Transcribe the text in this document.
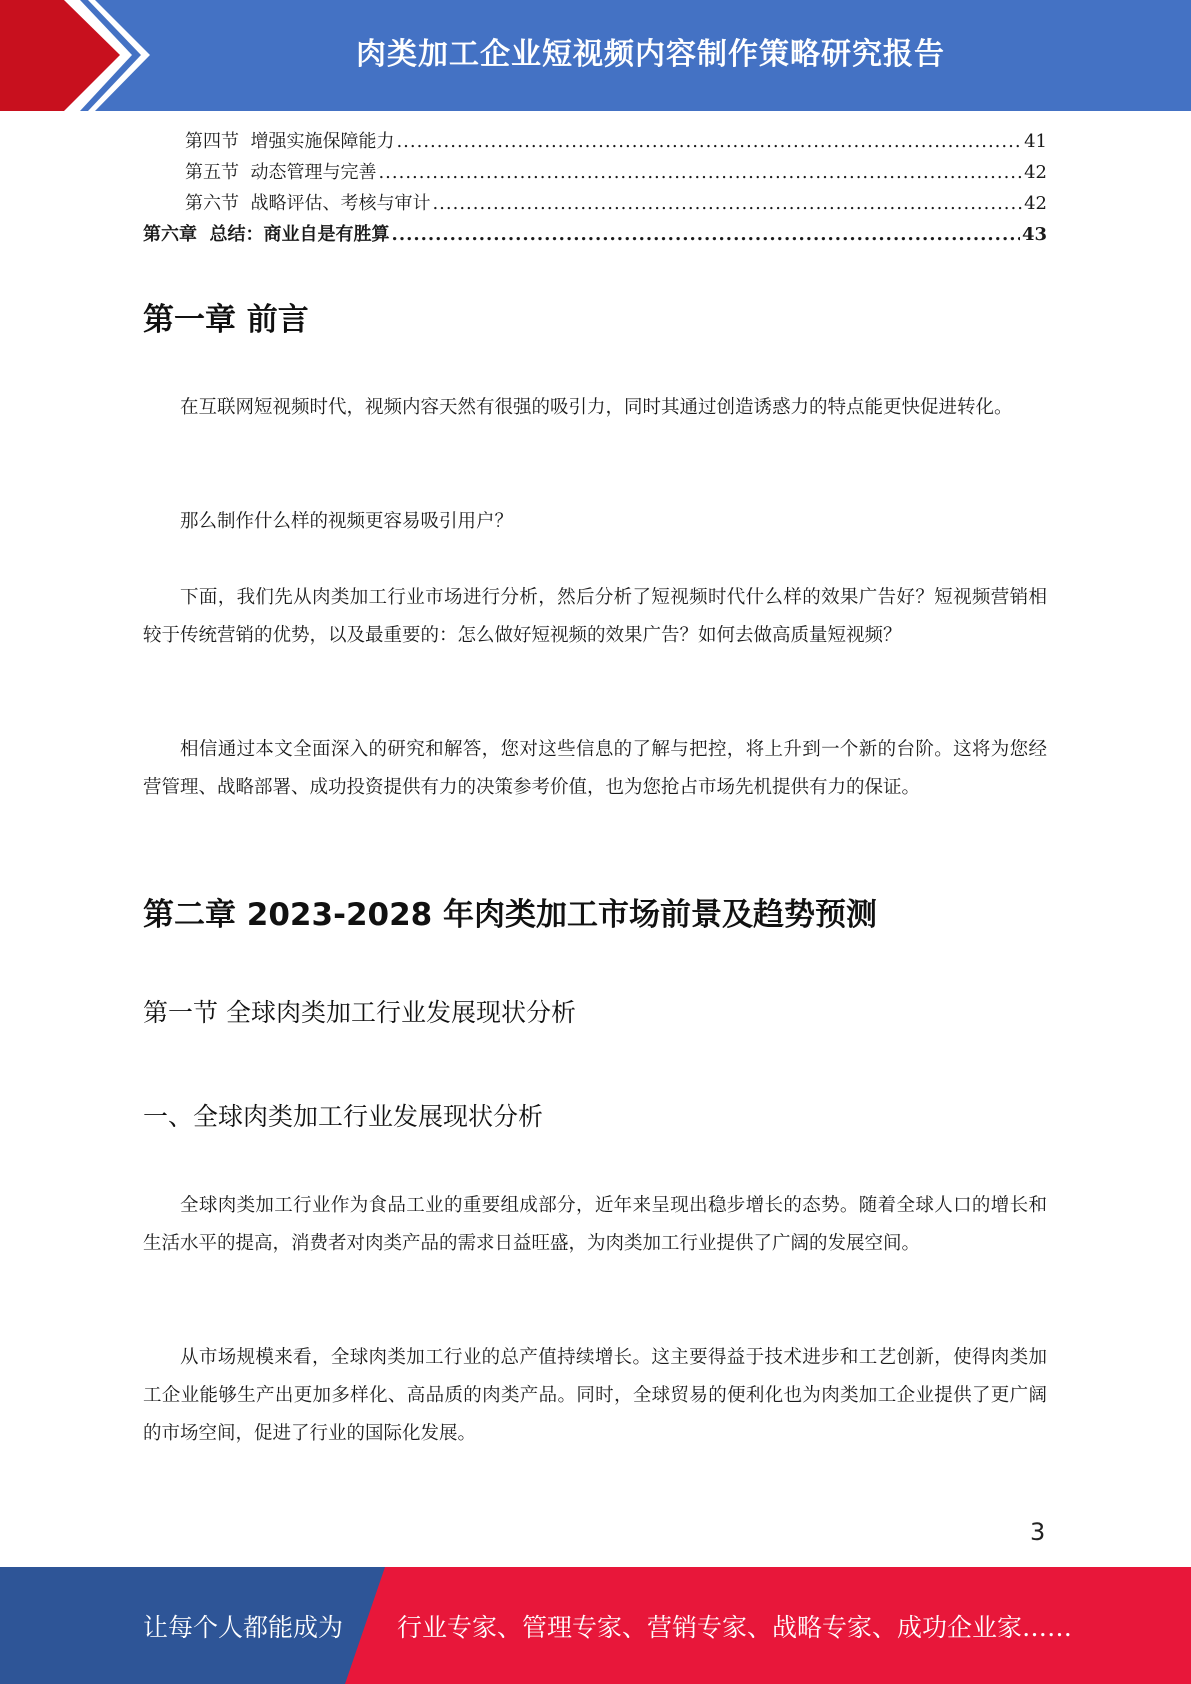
肉类加工企业短视频内容制作策略研究报告
第四节  增强实施保障能力 .....	41
第五节  动态管理与完善 .....	42
第六节  战略评估、考核与审计 .....	42
第六章  总结：商业自是有胜算 .....	43
第一章 前言

在互联网短视频时代，视频内容天然有很强的吸引力，同时其通过创造诱惑力的特点能更快促进转化。

那么制作什么样的视频更容易吸引用户？

下面，我们先从肉类加工行业市场进行分析，然后分析了短视频时代什么样的效果广告好？短视频营销相较于传统营销的优势，以及最重要的：怎么做好短视频的效果广告？如何去做高质量短视频？

相信通过本文全面深入的研究和解答，您对这些信息的了解与把控，将上升到一个新的台阶。这将为您经营管理、战略部署、成功投资提供有力的决策参考价值，也为您抢占市场先机提供有力的保证。

第二章 2023-2028 年肉类加工市场前景及趋势预测
第一节 全球肉类加工行业发展现状分析
一、全球肉类加工行业发展现状分析

全球肉类加工行业作为食品工业的重要组成部分，近年来呈现出稳步增长的态势。随着全球人口的增长和生活水平的提高，消费者对肉类产品的需求日益旺盛，为肉类加工行业提供了广阔的发展空间。

从市场规模来看，全球肉类加工行业的总产值持续增长。这主要得益于技术进步和工艺创新，使得肉类加工企业能够生产出更加多样化、高品质的肉类产品。同时，全球贸易的便利化也为肉类加工企业提供了更广阔的市场空间，促进了行业的国际化发展。

3
让每个人都能成为 行业专家、管理专家、营销专家、战略专家、成功企业家……
